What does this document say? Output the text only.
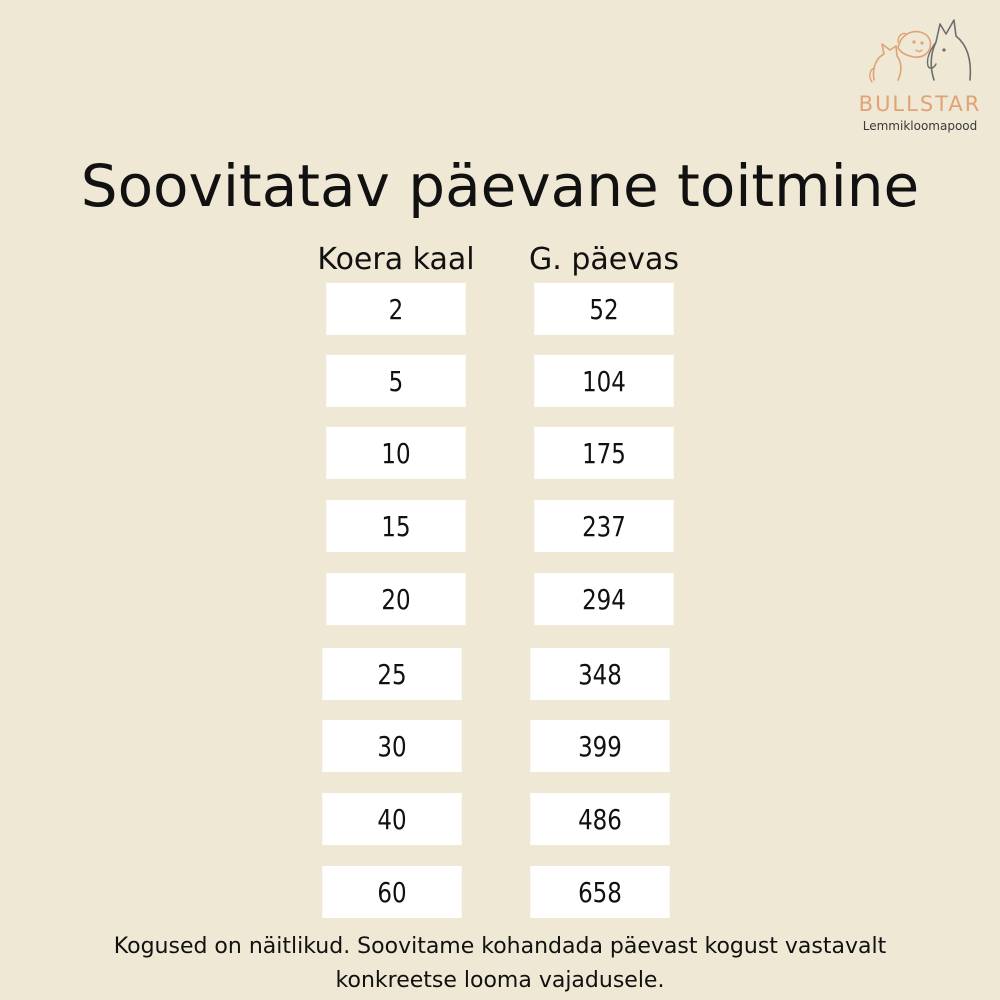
BULLSTAR
Lemmikloomapood
Soovitatav päevane toitmine
Koera kaal	G. päevas
2	52
5	104
10	175
15	237
20	294
25	348
30	399
40	486
60	658
Kogused on näitlikud. Soovitame kohandada päevast kogust vastavalt konkreetse looma vajadusele.
